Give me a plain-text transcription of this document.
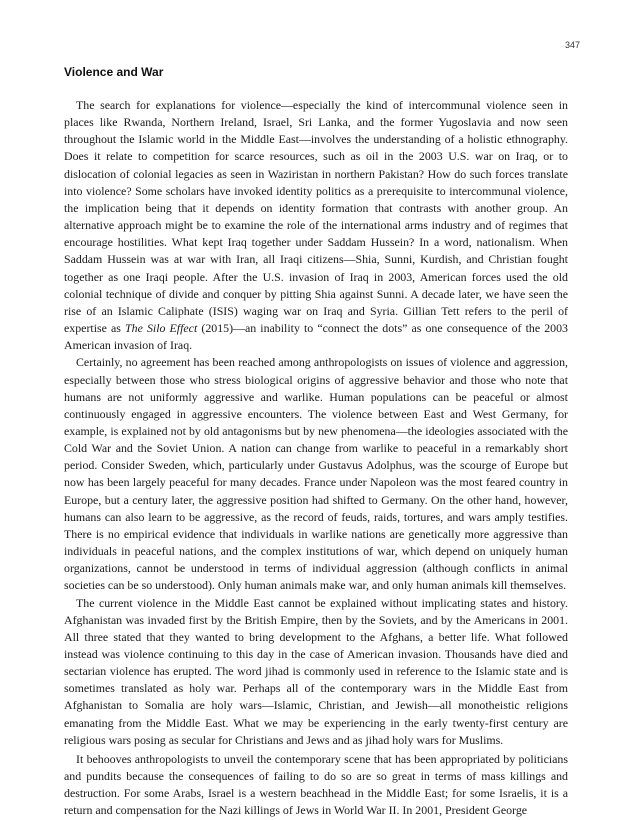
347
Violence and War

The search for explanations for violence—especially the kind of intercommunal violence seen in places like Rwanda, Northern Ireland, Israel, Sri Lanka, and the former Yugoslavia and now seen throughout the Islamic world in the Middle East—involves the understanding of a holistic ethnography. Does it relate to competition for scarce resources, such as oil in the 2003 U.S. war on Iraq, or to dislocation of colonial legacies as seen in Waziristan in northern Pakistan? How do such forces translate into violence? Some scholars have invoked identity politics as a prerequisite to intercommunal violence, the implication being that it depends on identity formation that contrasts with another group. An alternative approach might be to examine the role of the international arms industry and of regimes that encourage hostilities. What kept Iraq together under Saddam Hussein? In a word, nationalism. When Saddam Hussein was at war with Iran, all Iraqi citizens—Shia, Sunni, Kurdish, and Christian fought together as one Iraqi people. After the U.S. invasion of Iraq in 2003, American forces used the old colonial technique of divide and conquer by pitting Shia against Sunni. A decade later, we have seen the rise of an Islamic Caliphate (ISIS) waging war on Iraq and Syria. Gillian Tett refers to the peril of expertise as The Silo Effect (2015)—an inability to “connect the dots” as one consequence of the 2003 American invasion of Iraq.

Certainly, no agreement has been reached among anthropologists on issues of violence and aggression, especially between those who stress biological origins of aggressive behavior and those who note that humans are not uniformly aggressive and warlike. Human populations can be peaceful or almost continuously engaged in aggressive encounters. The violence between East and West Germany, for example, is explained not by old antagonisms but by new phenomena—the ideologies associated with the Cold War and the Soviet Union. A nation can change from warlike to peaceful in a remarkably short period. Consider Sweden, which, particularly under Gustavus Adolphus, was the scourge of Europe but now has been largely peaceful for many decades. France under Napoleon was the most feared country in Europe, but a century later, the aggressive position had shifted to Germany. On the other hand, however, humans can also learn to be aggressive, as the record of feuds, raids, tortures, and wars amply testifies. There is no empirical evidence that individuals in warlike nations are genetically more aggressive than individuals in peaceful nations, and the complex institutions of war, which depend on uniquely human organizations, cannot be understood in terms of individual aggression (although conflicts in animal societies can be so understood). Only human animals make war, and only human animals kill themselves.

The current violence in the Middle East cannot be explained without implicating states and history. Afghanistan was invaded first by the British Empire, then by the Soviets, and by the Americans in 2001. All three stated that they wanted to bring development to the Afghans, a better life. What followed instead was violence continuing to this day in the case of American invasion. Thousands have died and sectarian violence has erupted. The word jihad is commonly used in reference to the Islamic state and is sometimes translated as holy war. Perhaps all of the contemporary wars in the Middle East from Afghanistan to Somalia are holy wars—Islamic, Christian, and Jewish—all monotheistic religions emanating from the Middle East. What we may be experiencing in the early twenty-first century are religious wars posing as secular for Christians and Jews and as jihad holy wars for Muslims.

It behooves anthropologists to unveil the contemporary scene that has been appropriated by politicians and pundits because the consequences of failing to do so are so great in terms of mass killings and destruction. For some Arabs, Israel is a western beachhead in the Middle East; for some Israelis, it is a return and compensation for the Nazi killings of Jews in World War II. In 2001, President George
